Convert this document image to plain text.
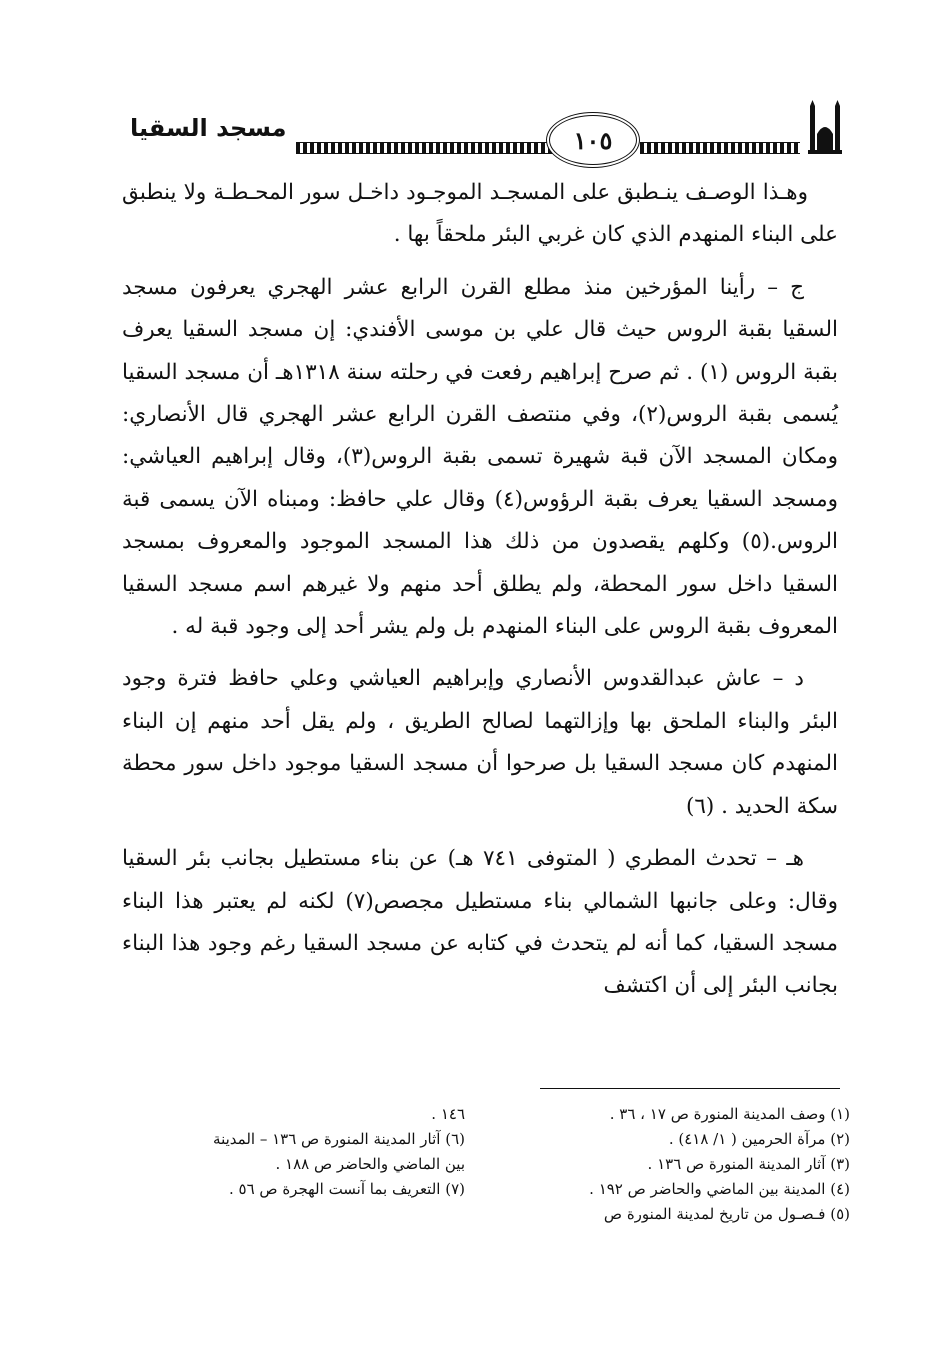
مسجد السقيا	١٠٥

وهـذا الوصـف ينـطبق على المسجـد الموجـود داخـل سور المحـطـة ولا ينطبق على البناء المنهدم الذي كان غربي البئر ملحقاً بها .

ج – رأينا المؤرخين منذ مطلع القرن الرابع عشر الهجري يعرفون مسجد السقيا بقبة الروس حيث قال علي بن موسى الأفندي: إن مسجد السقيا يعرف بقبة الروس (١) . ثم صرح إبراهيم رفعت في رحلته سنة ١٣١٨هـ أن مسجد السقيا يُسمى بقبة الروس(٢)، وفي منتصف القرن الرابع عشر الهجري قال الأنصاري: ومكان المسجد الآن قبة شهيرة تسمى بقبة الروس(٣)، وقال إبراهيم العياشي: ومسجد السقيا يعرف بقبة الرؤوس(٤) وقال علي حافظ: ومبناه الآن يسمى قبة الروس.(٥) وكلهم يقصدون من ذلك هذا المسجد الموجود والمعروف بمسجد السقيا داخل سور المحطة، ولم يطلق أحد منهم ولا غيرهم اسم مسجد السقيا المعروف بقبة الروس على البناء المنهدم بل ولم يشر أحد إلى وجود قبة له .

د – عاش عبدالقدوس الأنصاري وإبراهيم العياشي وعلي حافظ فترة وجود البئر والبناء الملحق بها وإزالتهما لصالح الطريق ، ولم يقل أحد منهم إن البناء المنهدم كان مسجد السقيا بل صرحوا أن مسجد السقيا موجود داخل سور محطة سكة الحديد . (٦)

هـ – تحدث المطري ( المتوفى ٧٤١ هـ) عن بناء مستطيل بجانب بئر السقيا وقال: وعلى جانبها الشمالي بناء مستطيل مجصص(٧) لكنه لم يعتبر هذا البناء مسجد السقيا، كما أنه لم يتحدث في كتابه عن مسجد السقيا رغم وجود هذا البناء بجانب البئر إلى أن اكتشف

(١) وصف المدينة المنورة ص ١٧ ، ٣٦ .
(٢) مرآة الحرمين ( ١/ ٤١٨) .
(٣) آثار المدينة المنورة ص ١٣٦ .
(٤) المدينة بين الماضي والحاضر ص ١٩٢ .
(٥) فـصـول من تاريخ لمدينة المنورة ص
١٤٦ .
(٦) آثار المدينة المنورة ص ١٣٦ – المدينة
بين الماضي والحاضر ص ١٨٨ .
(٧) التعريف بما آنست الهجرة ص ٥٦ .
